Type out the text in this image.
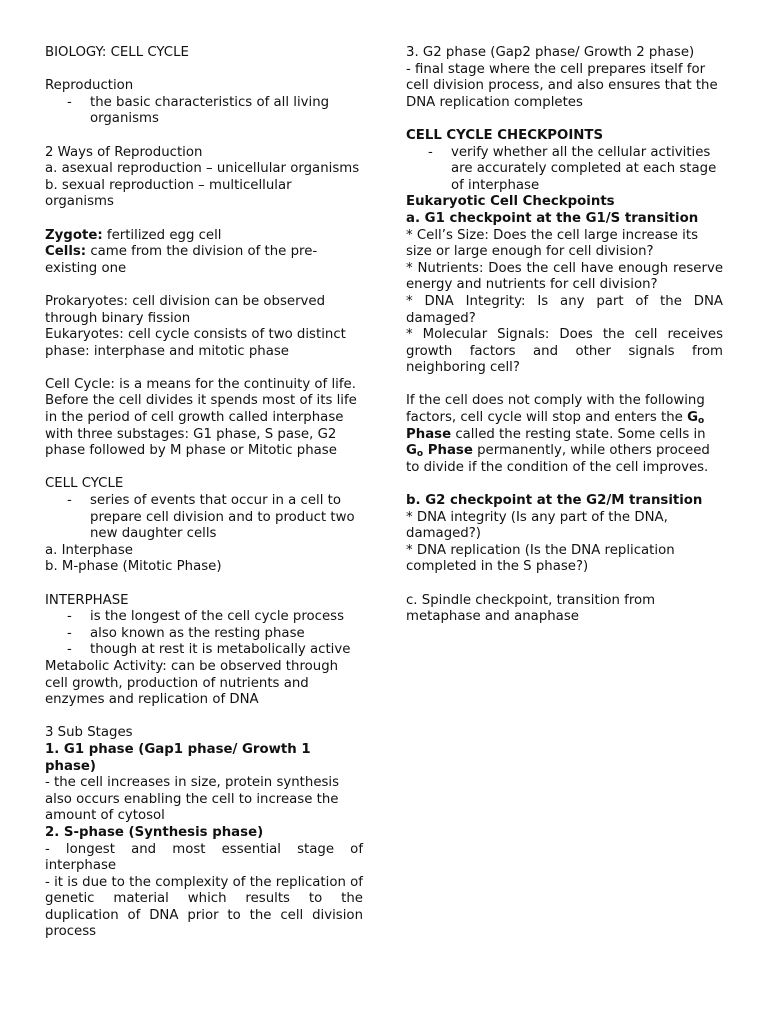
BIOLOGY: CELL CYCLE

Reproduction

- the basic characteristics of all living organisms

2 Ways of Reproduction

a. asexual reproduction – unicellular organisms

b. sexual reproduction – multicellular organisms

Zygote: fertilized egg cell

Cells: came from the division of the pre-existing one

Prokaryotes: cell division can be observed through binary fission

Eukaryotes: cell cycle consists of two distinct phase: interphase and mitotic phase

Cell Cycle: is a means for the continuity of life. Before the cell divides it spends most of its life in the period of cell growth called interphase with three substages: G1 phase, S pase, G2 phase followed by M phase or Mitotic phase

CELL CYCLE

- series of events that occur in a cell to prepare cell division and to product two new daughter cells

a. Interphase

b. M-phase (Mitotic Phase)

INTERPHASE

- is the longest of the cell cycle process
- also known as the resting phase
- though at rest it is metabolically active

Metabolic Activity: can be observed through cell growth, production of nutrients and enzymes and replication of DNA

3 Sub Stages

1. G1 phase (Gap1 phase/ Growth 1 phase)

- the cell increases in size, protein synthesis also occurs enabling the cell to increase the amount of cytosol

2. S-phase (Synthesis phase)

- longest and most essential stage of interphase

- it is due to the complexity of the replication of genetic material which results to the duplication of DNA prior to the cell division process

3. G2 phase (Gap2 phase/ Growth 2 phase)

- final stage where the cell prepares itself for cell division process, and also ensures that the DNA replication completes

CELL CYCLE CHECKPOINTS

- verify whether all the cellular activities are accurately completed at each stage of interphase

Eukaryotic Cell Checkpoints

a. G1 checkpoint at the G1/S transition

* Cell’s Size: Does the cell large increase its size or large enough for cell division?

* Nutrients: Does the cell have enough reserve energy and nutrients for cell division?

* DNA Integrity: Is any part of the DNA damaged?

* Molecular Signals: Does the cell receives growth factors and other signals from neighboring cell?

If the cell does not comply with the following factors, cell cycle will stop and enters the $G_o$ Phase called the resting state. Some cells in $G_o$ Phase permanently, while others proceed to divide if the condition of the cell improves.

b. G2 checkpoint at the G2/M transition

* DNA integrity (Is any part of the DNA, damaged?)

* DNA replication (Is the DNA replication completed in the S phase?)

c. Spindle checkpoint, transition from metaphase and anaphase
